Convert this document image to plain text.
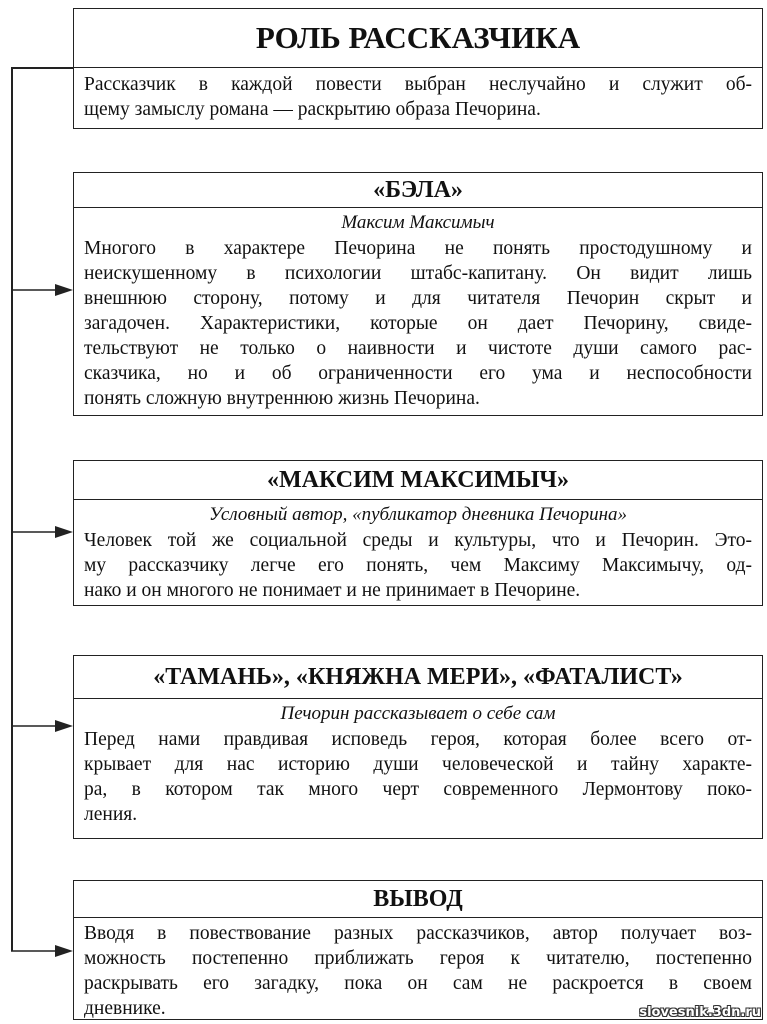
РОЛЬ РАССКАЗЧИКА
Рассказчик в каждой повести выбран неслучайно и служит об-
щему замыслу романа — раскрытию образа Печорина.
«БЭЛА»
Максим Максимыч
Многого в характере Печорина не понять простодушному и
неискушенному в психологии штабс-капитану. Он видит лишь
внешнюю сторону, потому и для читателя Печорин скрыт и
загадочен. Характеристики, которые он дает Печорину, свиде-
тельствуют не только о наивности и чистоте души самого рас-
сказчика, но и об ограниченности его ума и неспособности
понять сложную внутреннюю жизнь Печорина.
«МАКСИМ МАКСИМЫЧ»
Условный автор, «публикатор дневника Печорина»
Человек той же социальной среды и культуры, что и Печорин. Это-
му рассказчику легче его понять, чем Максиму Максимычу, од-
нако и он многого не понимает и не принимает в Печорине.
«ТАМАНЬ», «КНЯЖНА МЕРИ», «ФАТАЛИСТ»
Печорин рассказывает о себе сам
Перед нами правдивая исповедь героя, которая более всего от-
крывает для нас историю души человеческой и тайну характе-
ра, в котором так много черт современного Лермонтову поко-
ления.
ВЫВОД
Вводя в повествование разных рассказчиков, автор получает воз-
можность постепенно приближать героя к читателю, постепенно
раскрывать его загадку, пока он сам не раскроется в своем
дневнике.	slovesnik.3dn.ru
